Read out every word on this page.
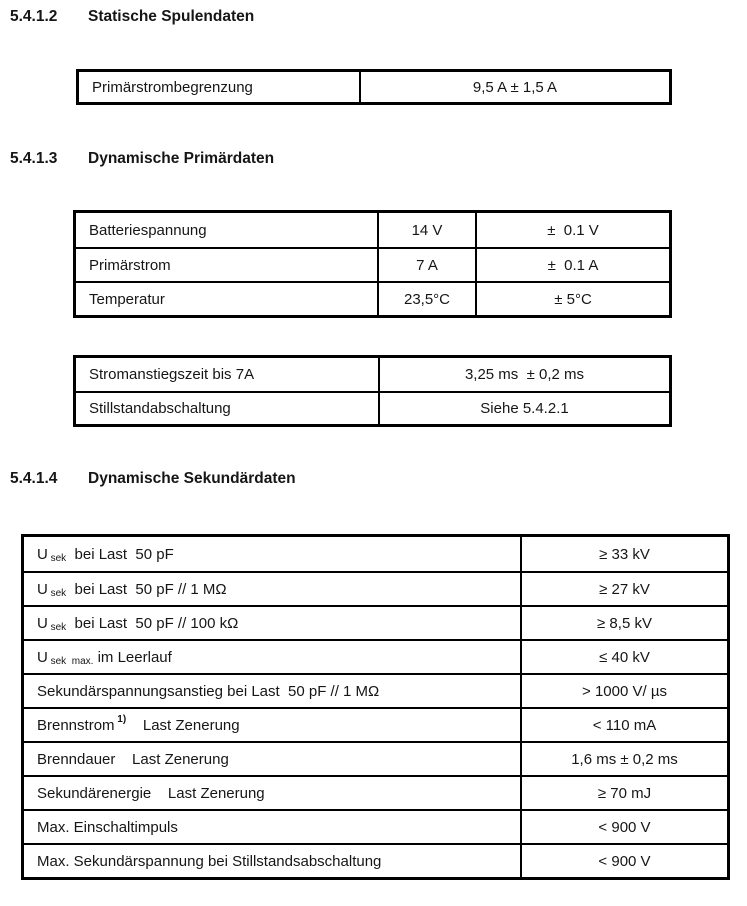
5.4.1.2	Statische Spulendaten
Primärstrombegrenzung	9,5 A ± 1,5 A
5.4.1.3	Dynamische Primärdaten
Batteriespannung	14 V	±  0.1 V
Primärstrom	7 A	±  0.1 A
Temperatur	23,5°C	± 5°C
Stromanstiegszeit bis 7A	3,25 ms  ± 0,2 ms
Stillstandabschaltung	Siehe 5.4.2.1
5.4.1.4	Dynamische Sekundärdaten
U sek bei Last  50 pF	≥ 33 kV
U sek bei Last  50 pF // 1 MΩ	≥ 27 kV
U sek bei Last  50 pF // 100 kΩ	≥ 8,5 kV
U sek max. im Leerlauf	≤ 40 kV
Sekundärspannungsanstieg bei Last  50 pF // 1 MΩ	> 1000 V/ µs
Brennstrom 1) Last Zenerung	< 110 mA
Brenndauer    Last Zenerung	1,6 ms ± 0,2 ms
Sekundärenergie    Last Zenerung	≥ 70 mJ
Max. Einschaltimpuls	< 900 V
Max. Sekundärspannung bei Stillstandsabschaltung	< 900 V
